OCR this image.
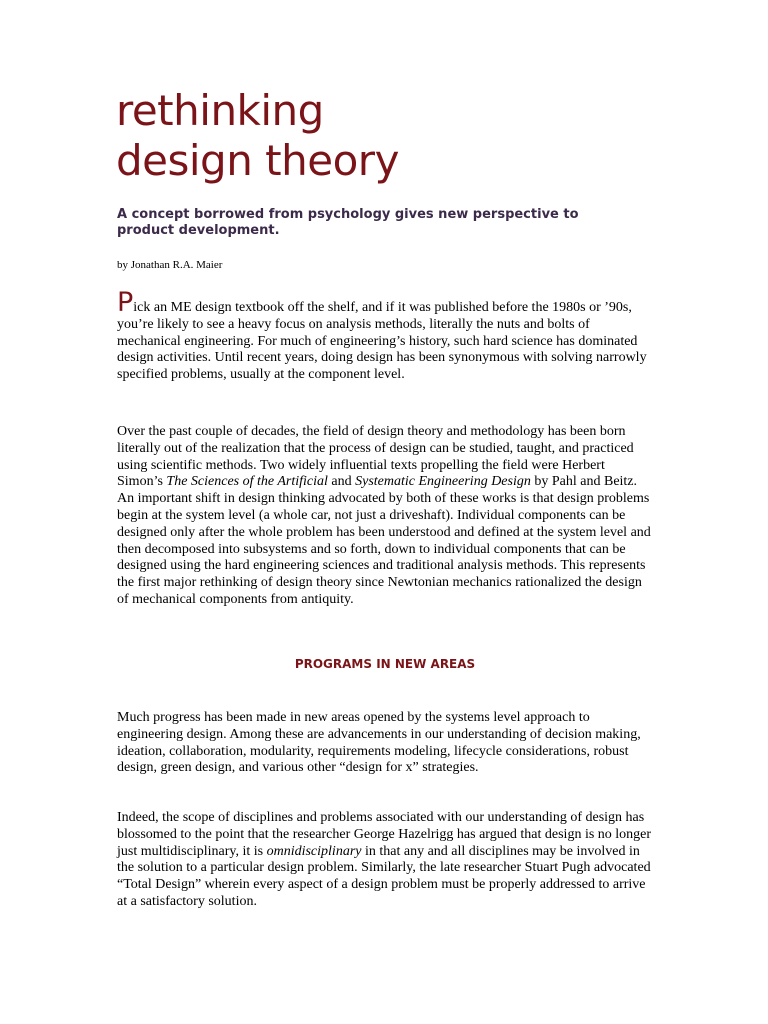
rethinking
design theory
A concept borrowed from psychology gives new perspective to product development.
by Jonathan R.A. Maier

Pick an ME design textbook off the shelf, and if it was published before the 1980s or ’90s, you’re likely to see a heavy focus on analysis methods, literally the nuts and bolts of mechanical engineering. For much of engineering’s history, such hard science has dominated design activities. Until recent years, doing design has been synonymous with solving narrowly specified problems, usually at the component level.

Over the past couple of decades, the field of design theory and methodology has been born literally out of the realization that the process of design can be studied, taught, and practiced using scientific methods. Two widely influential texts propelling the field were Herbert Simon’s The Sciences of the Artificial and Systematic Engineering Design by Pahl and Beitz. An important shift in design thinking advocated by both of these works is that design problems begin at the system level (a whole car, not just a driveshaft). Individual components can be designed only after the whole problem has been understood and defined at the system level and then decomposed into subsystems and so forth, down to individual components that can be designed using the hard engineering sciences and traditional analysis methods. This represents the first major rethinking of design theory since Newtonian mechanics rationalized the design of mechanical components from antiquity.

PROGRAMS IN NEW AREAS

Much progress has been made in new areas opened by the systems level approach to engineering design. Among these are advancements in our understanding of decision making, ideation, collaboration, modularity, requirements modeling, lifecycle considerations, robust design, green design, and various other “design for x” strategies.

Indeed, the scope of disciplines and problems associated with our understanding of design has blossomed to the point that the researcher George Hazelrigg has argued that design is no longer just multidisciplinary, it is omnidisciplinary in that any and all disciplines may be involved in the solution to a particular design problem. Similarly, the late researcher Stuart Pugh advocated “Total Design” wherein every aspect of a design problem must be properly addressed to arrive at a satisfactory solution.
